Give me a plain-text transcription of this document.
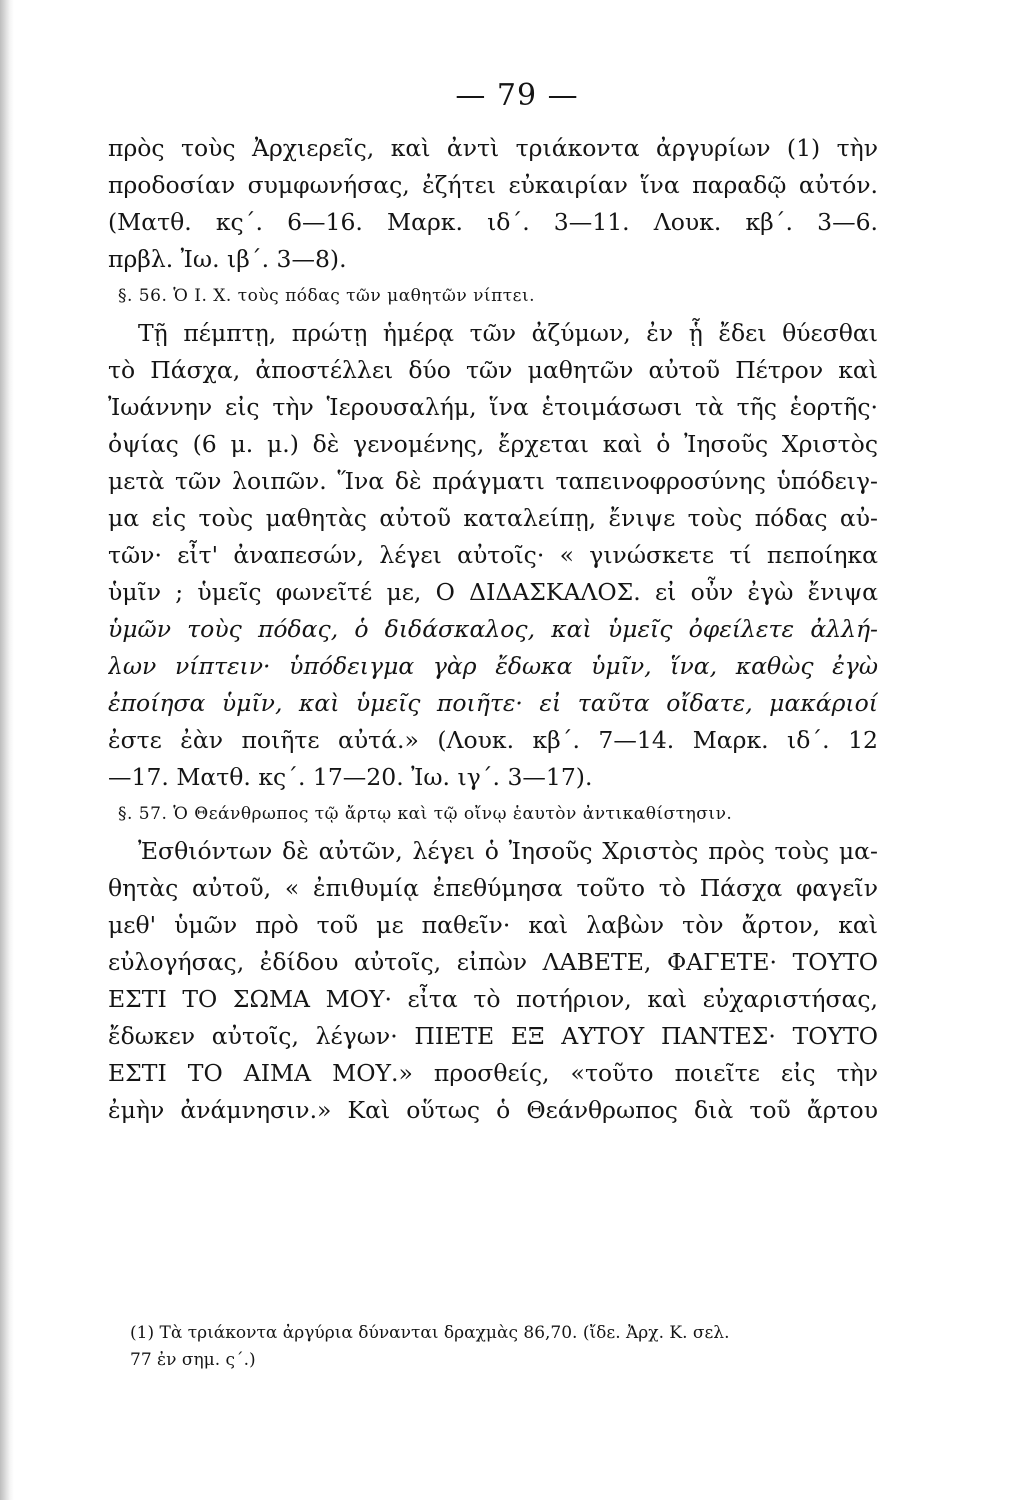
— 79 —
πρὸς τοὺς Ἀρχιερεῖς, καὶ ἀντὶ τριάκοντα ἀργυρίων (1) τὴν
προδοσίαν συμφωνήσας, ἐζήτει εὐκαιρίαν ἵνα παραδῷ αὐτόν.
(Ματθ. κς΄. 6—16. Μαρκ. ιδ΄. 3—11. Λουκ. κβ΄. 3—6.
πρβλ. Ἰω. ιβ΄. 3—8).
§. 56. Ὁ Ι. Χ. τοὺς πόδας τῶν μαθητῶν νίπτει.
Τῇ πέμπτῃ, πρώτῃ ἡμέρᾳ τῶν ἀζύμων, ἐν ᾗ ἔδει θύεσθαι
τὸ Πάσχα, ἀποστέλλει δύο τῶν μαθητῶν αὐτοῦ Πέτρον καὶ
Ἰωάννην εἰς τὴν Ἱερουσαλήμ, ἵνα ἑτοιμάσωσι τὰ τῆς ἑορτῆς·
ὀψίας (6 μ. μ.) δὲ γενομένης, ἔρχεται καὶ ὁ Ἰησοῦς Χριστὸς
μετὰ τῶν λοιπῶν. Ἵνα δὲ πράγματι ταπεινοφροσύνης ὑπόδειγ-
μα εἰς τοὺς μαθητὰς αὐτοῦ καταλείπῃ, ἔνιψε τοὺς πόδας αὐ-
τῶν· εἶτ' ἀναπεσών, λέγει αὐτοῖς· « γινώσκετε τί πεποίηκα
ὑμῖν ; ὑμεῖς φωνεῖτέ με, Ο ΔΙΔΑΣΚΑΛΟΣ. εἰ οὖν ἐγὼ ἔνιψα
ὑμῶν τοὺς πόδας, ὁ διδάσκαλος, καὶ ὑμεῖς ὀφείλετε ἀλλή-
λων νίπτειν· ὑπόδειγμα γὰρ ἔδωκα ὑμῖν, ἵνα, καθὼς ἐγὼ
ἐποίησα ὑμῖν, καὶ ὑμεῖς ποιῆτε· εἰ ταῦτα οἴδατε, μακάριοί
ἐστε ἐὰν ποιῆτε αὐτά.» (Λουκ. κβ΄. 7—14. Μαρκ. ιδ΄. 12
—17. Ματθ. κς΄. 17—20. Ἰω. ιγ΄. 3—17).
§. 57. Ὁ Θεάνθρωπος τῷ ἄρτῳ καὶ τῷ οἴνῳ ἑαυτὸν ἀντικαθίστησιν.
Ἐσθιόντων δὲ αὐτῶν, λέγει ὁ Ἰησοῦς Χριστὸς πρὸς τοὺς μα-
θητὰς αὐτοῦ, « ἐπιθυμίᾳ ἐπεθύμησα τοῦτο τὸ Πάσχα φαγεῖν
μεθ' ὑμῶν πρὸ τοῦ με παθεῖν· καὶ λαβὼν τὸν ἄρτον, καὶ
εὐλογήσας, ἐδίδου αὐτοῖς, εἰπὼν ΛΑΒΕΤΕ, ΦΑΓΕΤΕ· ΤΟΥΤΟ
ΕΣΤΙ ΤΟ ΣΩΜΑ ΜΟΥ· εἶτα τὸ ποτήριον, καὶ εὐχαριστήσας,
ἔδωκεν αὐτοῖς, λέγων· ΠΙΕΤΕ ΕΞ ΑΥΤΟΥ ΠΑΝΤΕΣ· ΤΟΥΤΟ
ΕΣΤΙ ΤΟ ΑΙΜΑ ΜΟΥ.» προσθείς, «τοῦτο ποιεῖτε εἰς τὴν
ἐμὴν ἀνάμνησιν.» Καὶ οὕτως ὁ Θεάνθρωπος διὰ τοῦ ἄρτου
(1) Τὰ τριάκοντα ἀργύρια δύνανται δραχμὰς 86,70. (ἴδε. Ἀρχ. Κ. σελ.
77 ἐν σημ. ς΄.)
